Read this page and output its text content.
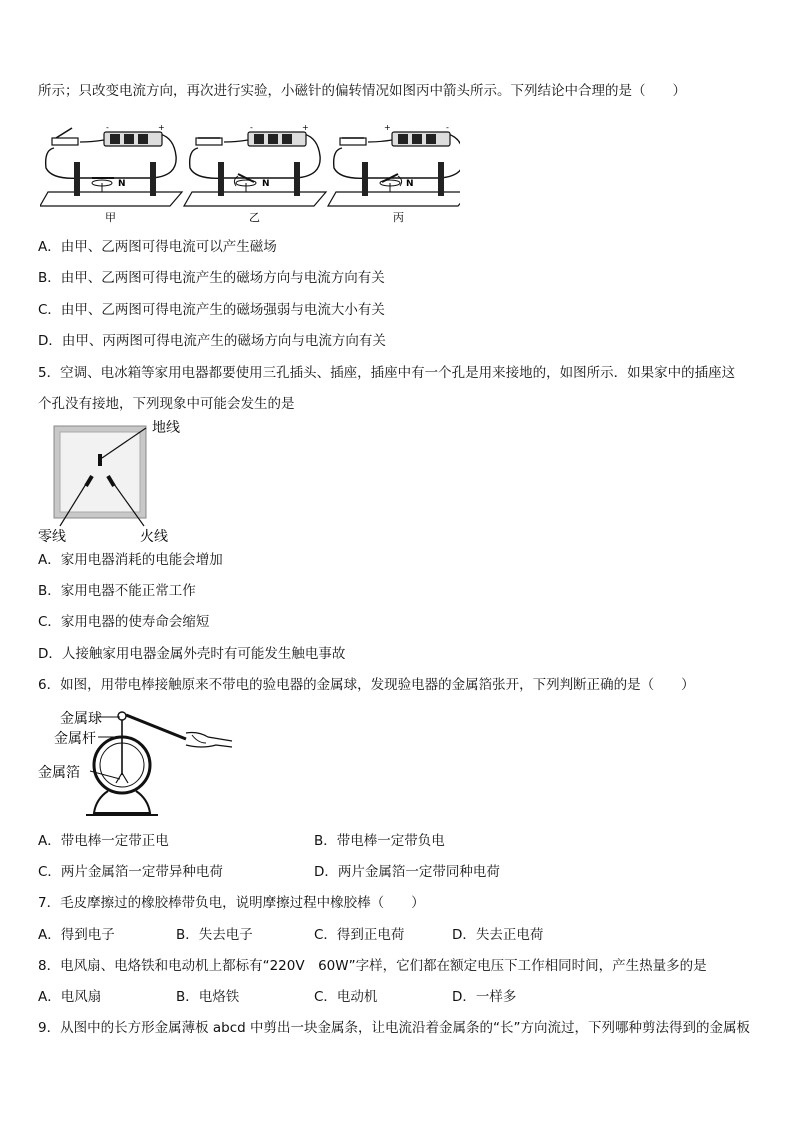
所示；只改变电流方向，再次进行实验，小磁针的偏转情况如图丙中箭头所示。下列结论中合理的是（　　）
-	+
N
-	+
N
+	-
N
甲	乙	丙
A．由甲、乙两图可得电流可以产生磁场
B．由甲、乙两图可得电流产生的磁场方向与电流方向有关
C．由甲、乙两图可得电流产生的磁场强弱与电流大小有关
D．由甲、丙两图可得电流产生的磁场方向与电流方向有关
5．空调、电冰箱等家用电器都要使用三孔插头、插座，插座中有一个孔是用来接地的，如图所示．如果家中的插座这
个孔没有接地，下列现象中可能会发生的是
地线
零线	火线
A．家用电器消耗的电能会增加
B．家用电器不能正常工作
C．家用电器的使寿命会缩短
D．人接触家用电器金属外壳时有可能发生触电事故
6．如图，用带电棒接触原来不带电的验电器的金属球，发现验电器的金属箔张开，下列判断正确的是（　　）
金属球
金属杆
金属箔
A．带电棒一定带正电	B．带电棒一定带负电
C．两片金属箔一定带异种电荷	D．两片金属箔一定带同种电荷
7．毛皮摩擦过的橡胶棒带负电，说明摩擦过程中橡胶棒（　　）
A．得到电子	B．失去电子	C．得到正电荷	D．失去正电荷
8．电风扇、电烙铁和电动机上都标有“220V　60W”字样，它们都在额定电压下工作相同时间，产生热量多的是
A．电风扇	B．电烙铁	C．电动机	D．一样多
9．从图中的长方形金属薄板 abcd 中剪出一块金属条，让电流沿着金属条的“长”方向流过，下列哪种剪法得到的金属板
